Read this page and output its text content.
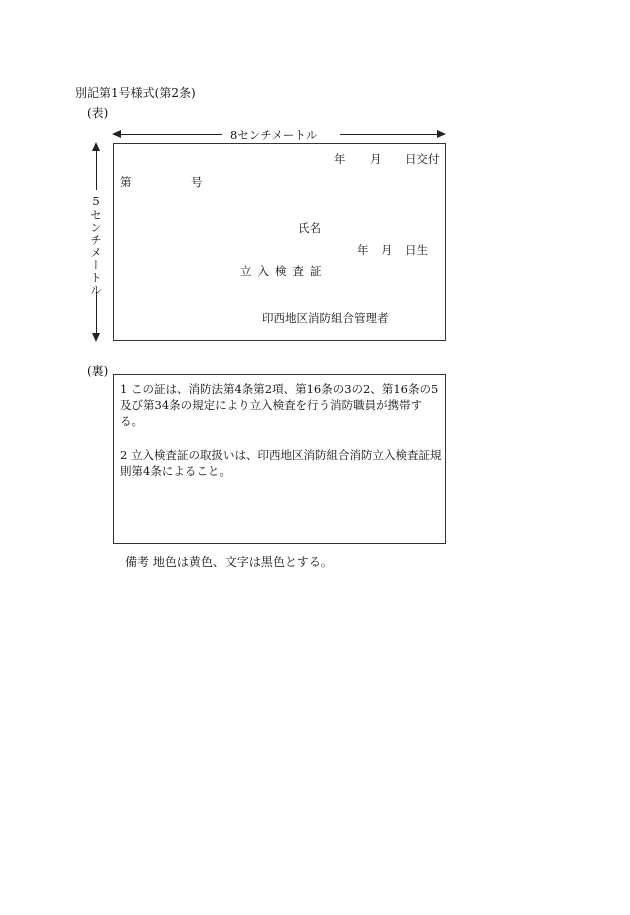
別記第1号様式(第2条)
(表)
8センチメートル
5センチメートル
年 月 日交付
第	号
氏名
年 月 日生
立入検査証
印西地区消防組合管理者
(裏)
1 この証は、消防法第4条第2項、第16条の3の2、第16条の5及び第34条の規定により立入検査を行う消防職員が携帯する。
2 立入検査証の取扱いは、印西地区消防組合消防立入検査証規則第4条によること。
備考 地色は黄色、文字は黒色とする。
